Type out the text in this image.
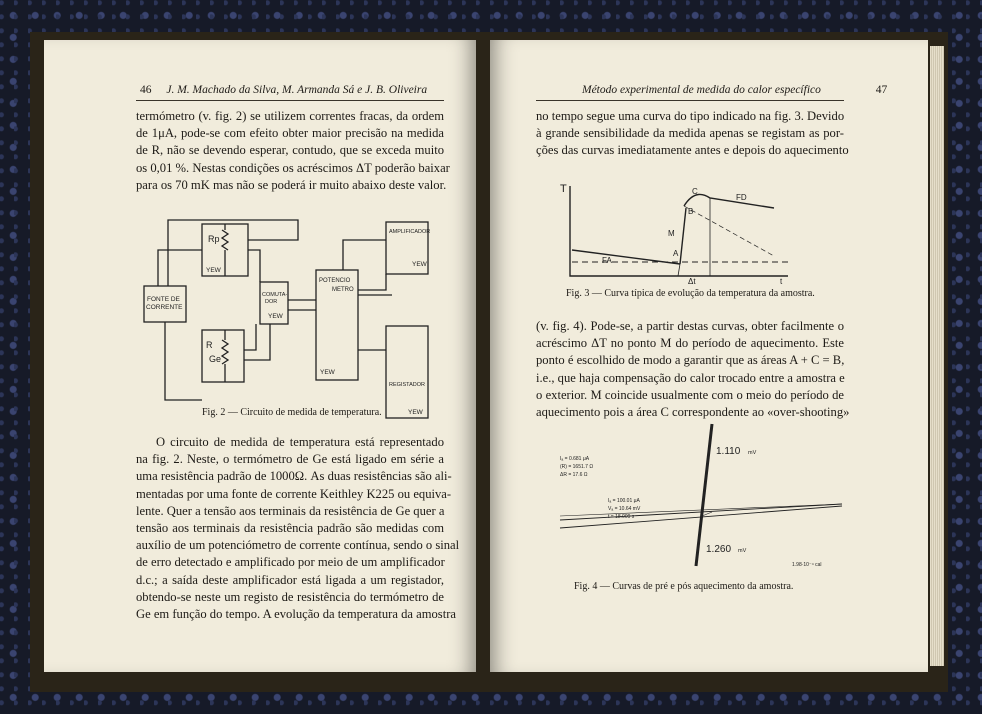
46 J. M. Machado da Silva, M. Armanda Sá e J. B. Oliveira
termómetro (v. fig. 2) se utilizem correntes fracas, da ordem
de 1μA, pode-se com efeito obter maior precisão na medida
de R, não se devendo esperar, contudo, que se exceda muito
os 0,01 %. Nestas condições os acréscimos ΔT poderão baixar
para os 70 mK mas não se poderá ir muito abaixo deste valor.
Rp
YEW
AMPLIFICADOR
YEW
FONTE DE
CORRENTE
COMUTA-
DOR
YEW
POTENCIO
METRO
YEW
R
Ge
REGISTADOR
YEW
Fig. 2 — Circuito de medida de temperatura.
O circuito de medida de temperatura está representado
na fig. 2. Neste, o termómetro de Ge está ligado em série a
uma resistência padrão de 1000Ω. As duas resistências são ali-
mentadas por uma fonte de corrente Keithley K225 ou equiva-
lente. Quer a tensão aos terminais da resistência de Ge quer a
tensão aos terminais da resistência padrão são medidas com
auxílio de um potenciómetro de corrente contínua, sendo o sinal
de erro detectado e amplificado por meio de um amplificador
d.c.; a saída deste amplificador está ligada a um registador,
obtendo-se neste um registo de resistência do termómetro de
Ge em função do tempo. A evolução da temperatura da amostra
Método experimental de medida do calor específico	47
no tempo segue uma curva do tipo indicado na fig. 3. Devido
à grande sensibilidade da medida apenas se registam as por-
ções das curvas imediatamente antes e depois do aquecimento
T	C
B
M
A
FA
FD
Δt	t
Fig. 3 — Curva típica de evolução da temperatura da amostra.
(v. fig. 4). Pode-se, a partir destas curvas, obter facilmente o
acréscimo ΔT no ponto M do período de aquecimento. Este
ponto é escolhido de modo a garantir que as áreas A + C = B,
i.e., que haja compensação do calor trocado entre a amostra e
o exterior. M coincide usualmente com o meio do período de
aquecimento pois a área C correspondente ao «over-shooting»
1.110 mV
Iₐ = 0.681 μA
(R) = 1651.7 Ω
ΔR = 17.6 Ω
Iₐ = 100.01 μA
Vₐ = 10.64 mV
t = 18.009 s
1.260 mV
1.98·10⁻⁴ cal
Fig. 4 — Curvas de pré e pós aquecimento da amostra.
